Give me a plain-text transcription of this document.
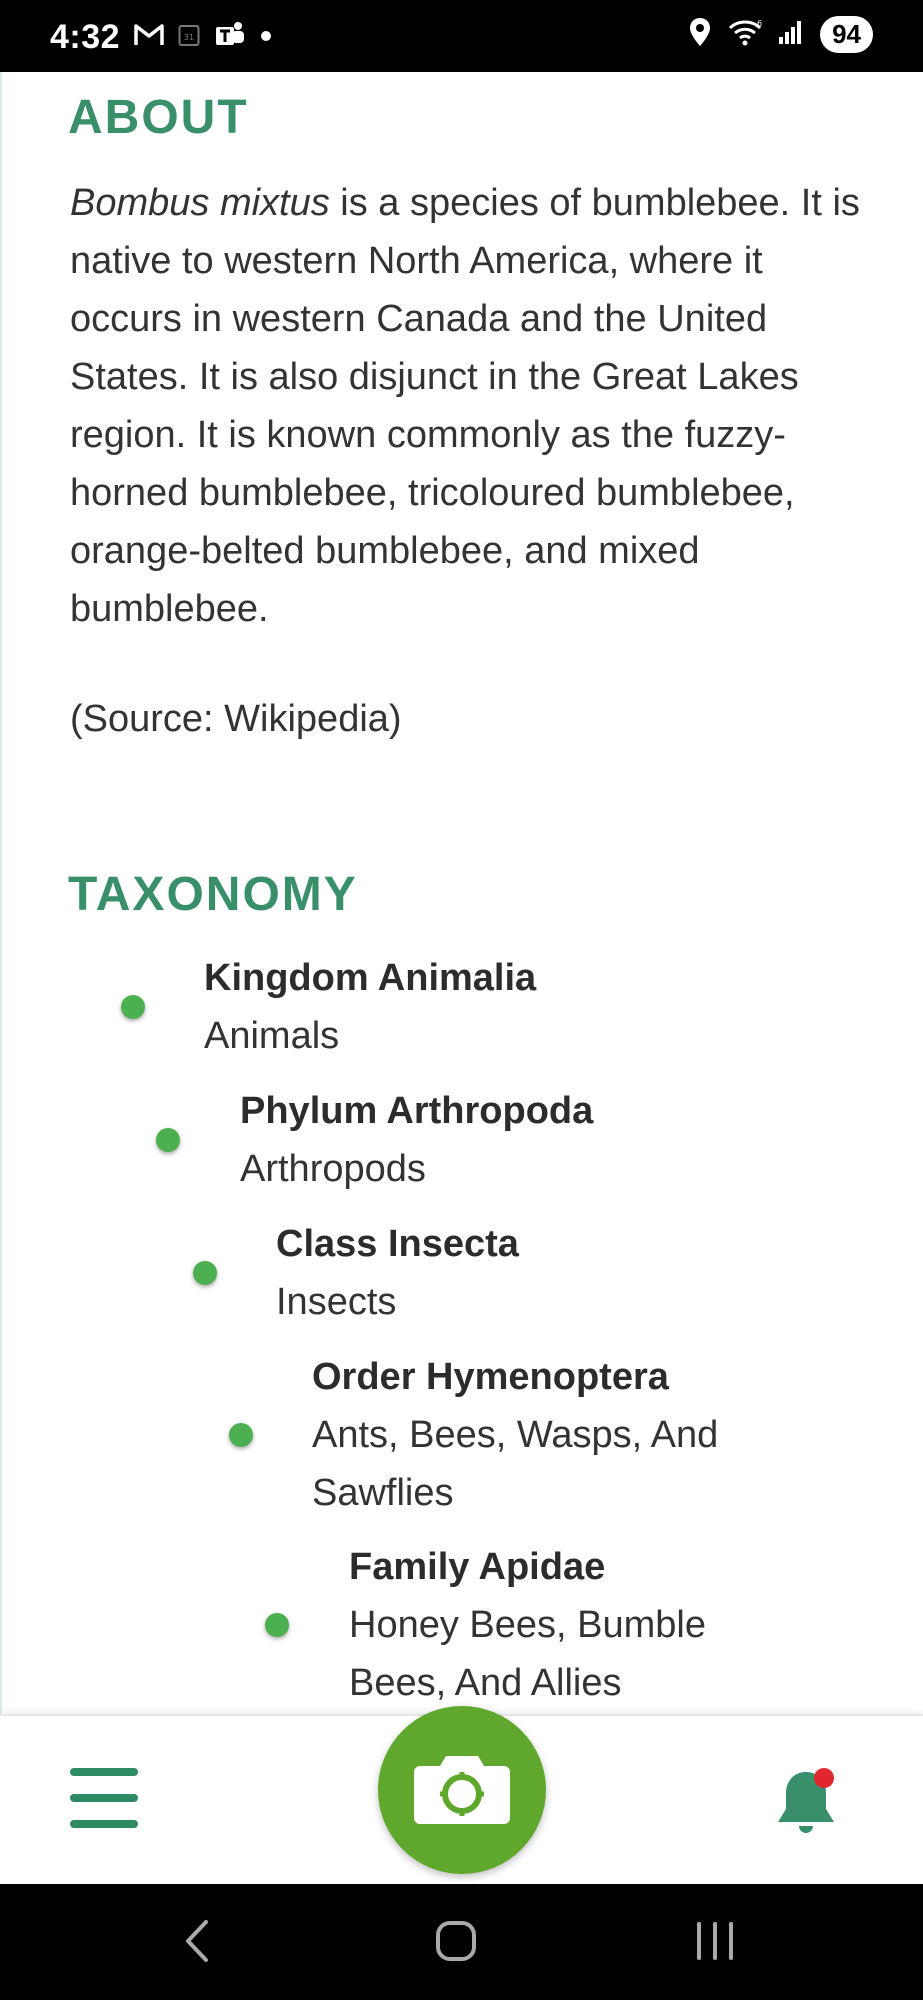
4:32	31
6	94
ABOUT
Bombus mixtus is a species of bumblebee. It is native to western North America, where it occurs in western Canada and the United States. It is also disjunct in the Great Lakes region. It is known commonly as the fuzzy-horned bumblebee, tricoloured bumblebee, orange-belted bumblebee, and mixed bumblebee.
(Source: Wikipedia)
TAXONOMY
Kingdom Animalia
Animals
Phylum Arthropoda
Arthropods
Class Insecta
Insects
Order Hymenoptera
Ants, Bees, Wasps, And Sawflies
Family Apidae
Honey Bees, Bumble Bees, And Allies
